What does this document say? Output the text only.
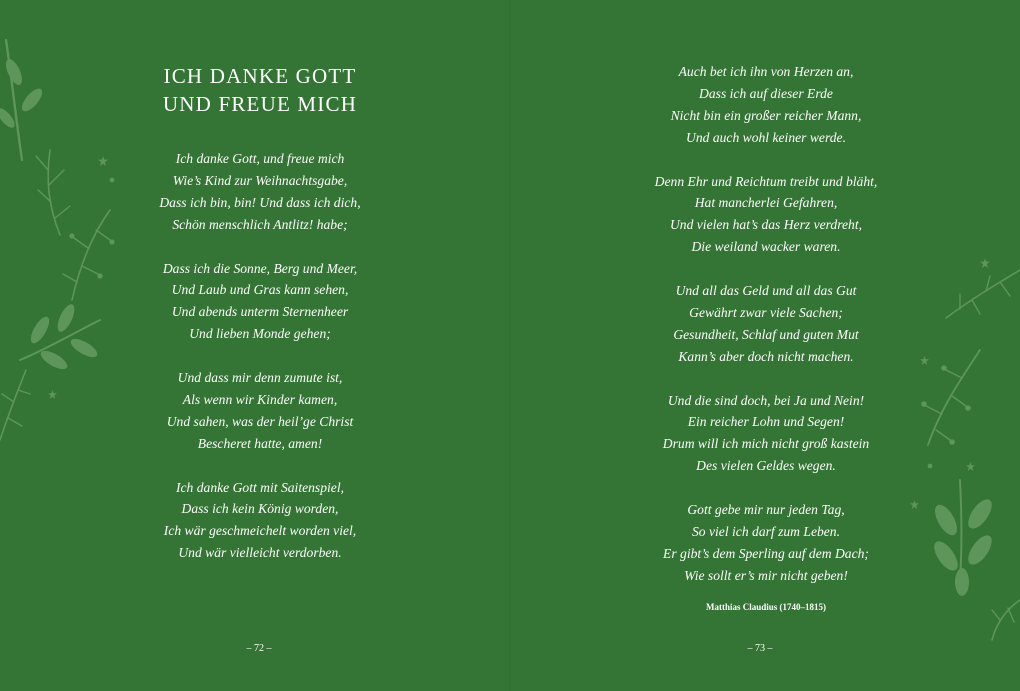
ICH DANKE GOTT
UND FREUE MICH

Ich danke Gott, und freue mich
Wie’s Kind zur Weihnachtsgabe,
Dass ich bin, bin! Und dass ich dich,
Schön menschlich Antlitz! habe;

Dass ich die Sonne, Berg und Meer,
Und Laub und Gras kann sehen,
Und abends unterm Sternenheer
Und lieben Monde gehen;

Und dass mir denn zumute ist,
Als wenn wir Kinder kamen,
Und sahen, was der heil’ge Christ
Bescheret hatte, amen!

Ich danke Gott mit Saitenspiel,
Dass ich kein König worden,
Ich wär geschmeichelt worden viel,
Und wär vielleicht verdorben.

– 72 –

Auch bet ich ihn von Herzen an,
Dass ich auf dieser Erde
Nicht bin ein großer reicher Mann,
Und auch wohl keiner werde.

Denn Ehr und Reichtum treibt und bläht,
Hat mancherlei Gefahren,
Und vielen hat’s das Herz verdreht,
Die weiland wacker waren.

Und all das Geld und all das Gut
Gewährt zwar viele Sachen;
Gesundheit, Schlaf und guten Mut
Kann’s aber doch nicht machen.

Und die sind doch, bei Ja und Nein!
Ein reicher Lohn und Segen!
Drum will ich mich nicht groß kastein
Des vielen Geldes wegen.

Gott gebe mir nur jeden Tag,
So viel ich darf zum Leben.
Er gibt’s dem Sperling auf dem Dach;
Wie sollt er’s mir nicht geben!

Matthias Claudius (1740–1815)
– 73 –
